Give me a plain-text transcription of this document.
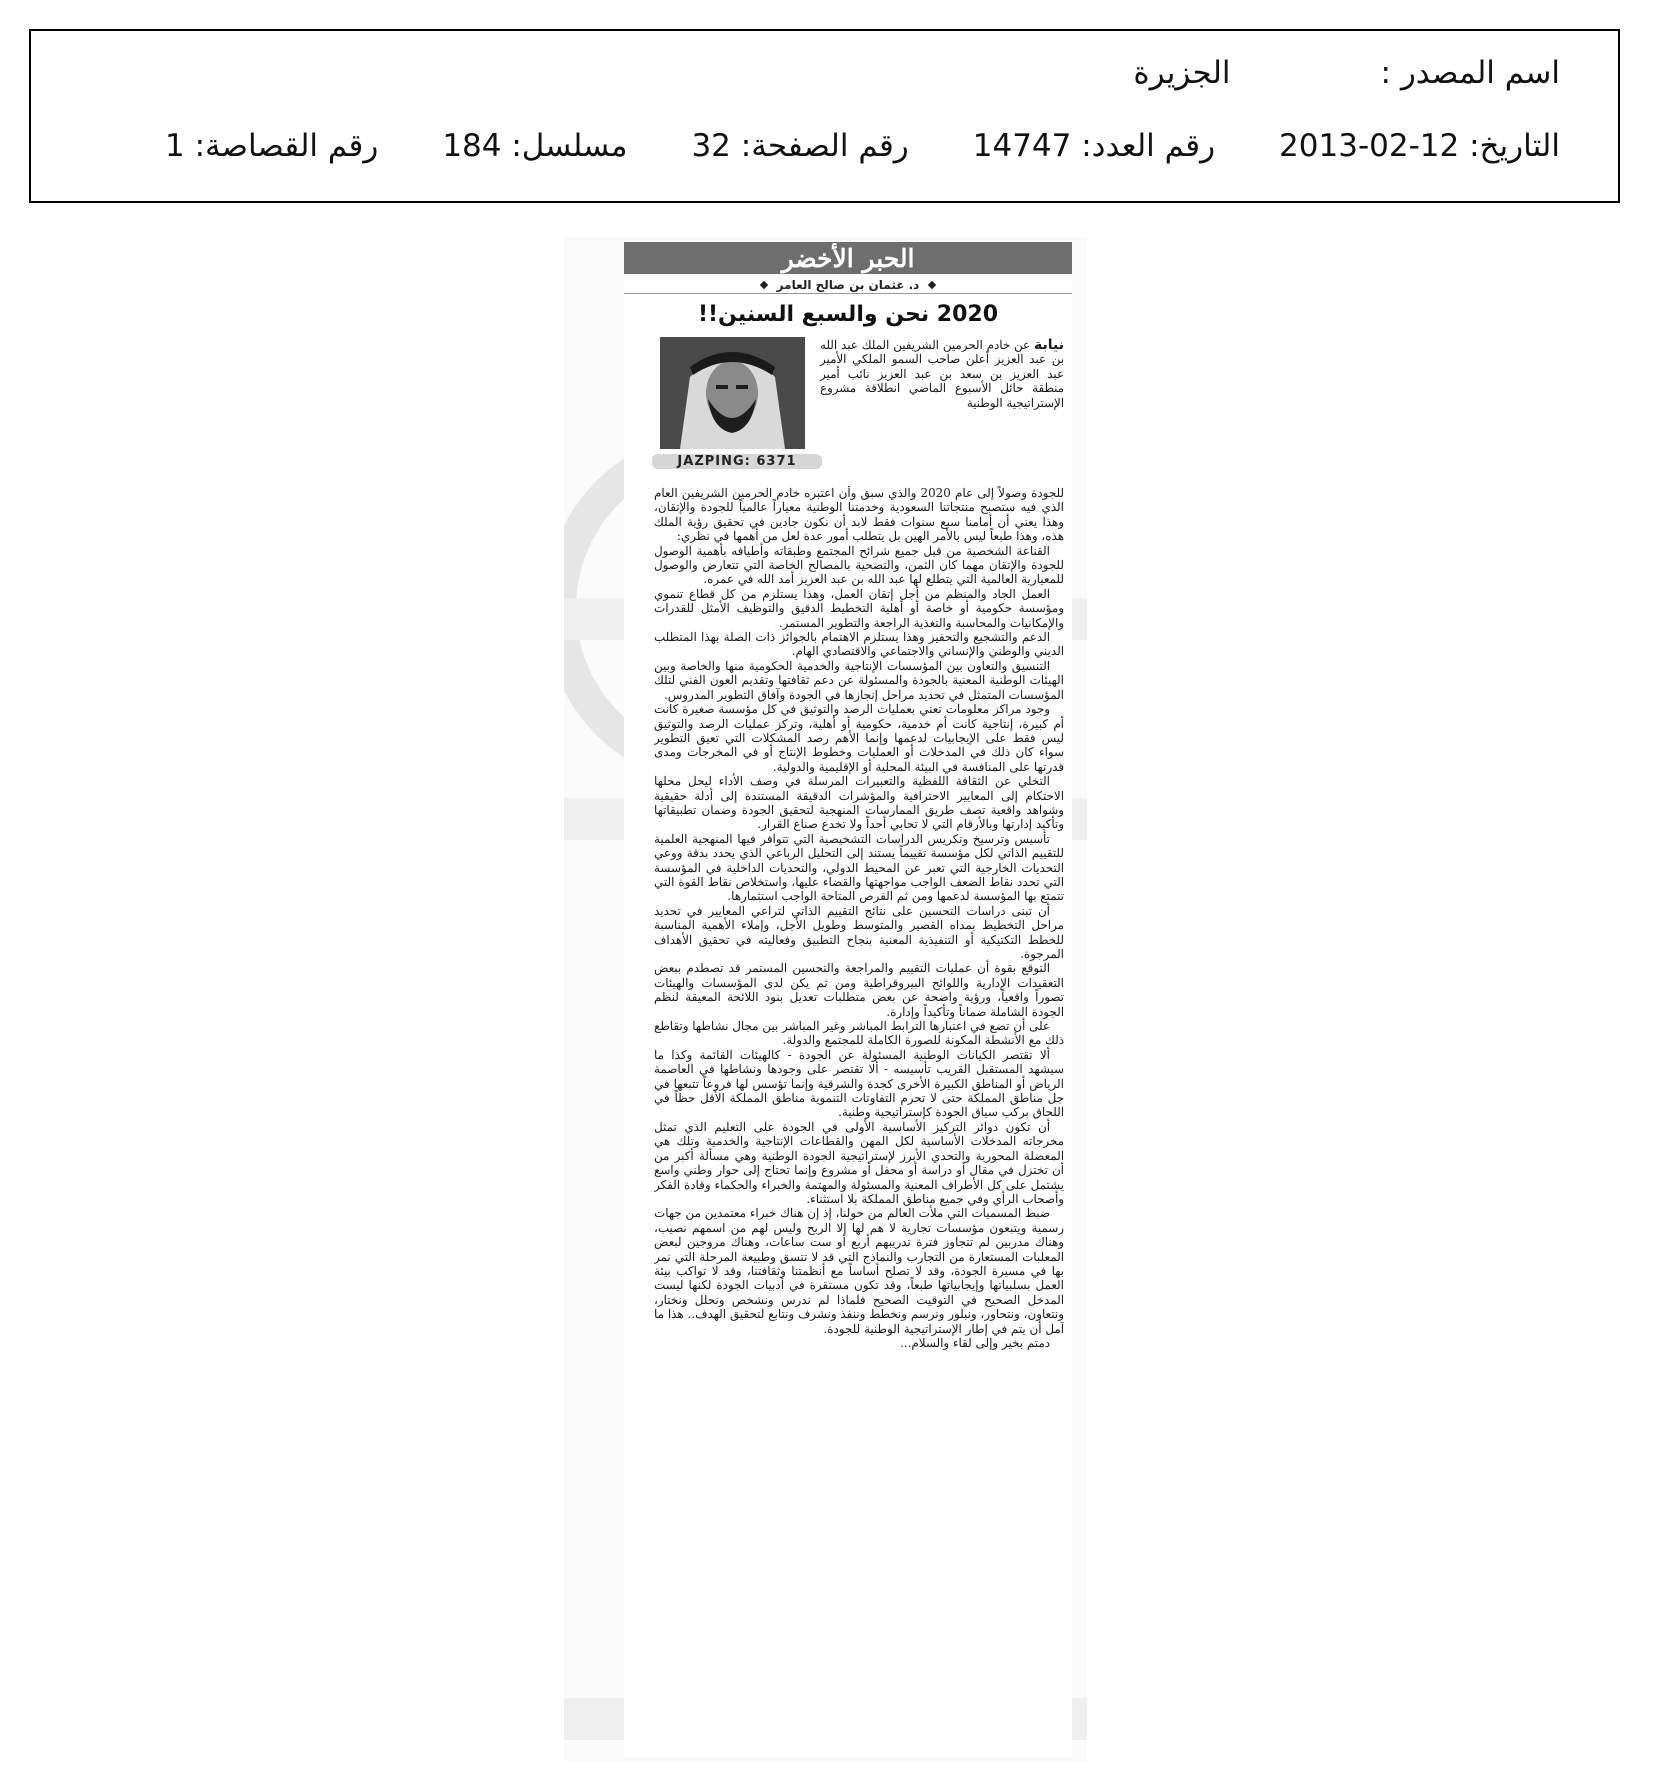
اسم المصدر :
الجزيرة
التاريخ: 2013-02-12
رقم العدد: 14747
رقم الصفحة: 32
مسلسل: 184
رقم القصاصة: 1
الحبر الأخضر
د. عثمان بن صالح العامر
2020 نحن والسبع السنين!!
JAZPING: 6371
نيابة عن خادم الحرمين الشريفين الملك عبد الله بن عبد العزيز أعلن صاحب السمو الملكي الأمير عبد العزيز بن سعد بن عبد العزيز نائب أمير منطقة حائل الأسبوع الماضي انطلاقة مشروع الإستراتيجية الوطنية

للجودة وصولاً إلى عام 2020 والذي سبق وأن اعتبره خادم الحرمين الشريفين العام الذي فيه ستصبح منتجاتنا السعودية وخدمتنا الوطنية معياراً عالمياً للجودة والإتقان، وهذا يعني أن أمامنا سبع سنوات فقط لابد أن نكون جادين في تحقيق رؤية الملك هذه، وهذا طبعاً ليس بالأمر الهين بل يتطلب أمور عدة لعل من أهمها في نظري:

القناعة الشخصية من قبل جميع شرائح المجتمع وطبقاته وأطيافه بأهمية الوصول للجودة والإتقان مهما كان الثمن، والتضحية بالمصالح الخاصة التي تتعارض والوصول للمعيارية العالمية التي يتطلع لها عبد الله بن عبد العزيز أمد الله في عمره.

العمل الجاد والمنظم من أجل إتقان العمل، وهذا يستلزم من كل قطاع تنموي ومؤسسة حكومية أو خاصة أو أهلية التخطيط الدقيق والتوظيف الأمثل للقدرات والإمكانيات والمحاسبة والتغذية الراجعة والتطوير المستمر.

الدعم والتشجيع والتحفيز وهذا يستلزم الاهتمام بالجوائز ذات الصلة بهذا المتطلب الديني والوطني والإنساني والاجتماعي والاقتصادي الهام.

التنسيق والتعاون بين المؤسسات الإنتاجية والخدمية الحكومية منها والخاصة وبين الهيئات الوطنية المعنية بالجودة والمسئولة عن دعم ثقافتها وتقديم العون الفني لتلك المؤسسات المتمثل في تحديد مراحل إنجازها في الجودة وآفاق التطوير المدروس.

وجود مراكز معلومات تعني بعمليات الرصد والتوثيق في كل مؤسسة صغيرة كانت أم كبيرة، إنتاجية كانت أم خدمية، حكومية أو أهلية، وتركز عمليات الرصد والتوثيق ليس فقط على الإيجابيات لدعمها وإنما الأهم رصد المشكلات التي تعيق التطوير سواء كان ذلك في المدخلات أو العمليات وخطوط الإنتاج أو في المخرجات ومدى قدرتها على المنافسة في البيئة المحلية أو الإقليمية والدولية.

التخلي عن الثقافة اللفظية والتعبيرات المرسلة في وصف الأداء ليحل محلها الاحتكام إلى المعايير الاحترافية والمؤشرات الدقيقة المستندة إلى أدلة حقيقية وشواهد واقعية تصف طريق الممارسات المنهجية لتحقيق الجودة وضمان تطبيقاتها وتأكيد إدارتها وبالأرقام التي لا تحابي أحداً ولا تخدع صناع القرار.

تأسيس وترسيخ وتكريس الدراسات التشخيصية التي تتوافر فيها المنهجية العلمية للتقييم الذاتي لكل مؤسسة تقييماً يستند إلى التحليل الرباعي الذي يحدد بدقة ووعي التحديات الخارجية التي تعبر عن المحيط الدولي، والتحديات الداخلية في المؤسسة التي تحدد نقاط الضعف الواجب مواجهتها والقضاء عليها، واستخلاص نقاط القوة التي تتمتع بها المؤسسة لدعمها ومن ثم الفرص المتاحة الواجب استثمارها.

أن تبنى دراسات التحسين على نتائج التقييم الذاتي لتراعي المعايير في تحديد مراحل التخطيط بمداه القصير والمتوسط وطويل الأجل، وإملاء الأهمية المناسبة للخطط التكتيكية أو التنفيذية المعنية بنجاح التطبيق وفعاليته في تحقيق الأهداف المرجوة.

التوقع بقوة أن عمليات التقييم والمراجعة والتحسين المستمر قد تصطدم ببعض التعقيدات الإدارية واللوائح البيروقراطية ومن ثم يكن لدى المؤسسات والهيئات تصوراً واقعياً، ورؤية واضحة عن بعض متطلبات تعديل بنود اللائحة المعيقة لنظم الجودة الشاملة ضماناً وتأكيداً وإدارة.

على أن تضع في اعتبارها الترابط المباشر وغير المباشر بين مجال نشاطها وتقاطع ذلك مع الأنشطة المكونة للصورة الكاملة للمجتمع والدولة.

ألا تقتصر الكيانات الوطنية المسئولة عن الجودة - كالهيئات القائمة وكذا ما سيشهد المستقبل القريب تأسيسه - ألا تقتصر على وجودها ونشاطها في العاصمة الرياض أو المناطق الكبيرة الأخرى كجدة والشرقية وإنما تؤسس لها فروعاً تتبعها في جل مناطق المملكة حتى لا تحرم التفاوتات التنموية مناطق المملكة الأقل حظاً في اللحاق بركب سياق الجودة كإستراتيجية وطنية.

أن تكون دوائر التركيز الأساسية الأولى في الجودة على التعليم الذي تمثل مخرجاته المدخلات الأساسية لكل المهن والقطاعات الإنتاجية والخدمية وتلك هي المعضلة المحورية والتحدي الأبرز لإستراتيجية الجودة الوطنية وهي مسألة أكبر من أن تختزل في مقال أو دراسة أو محفل أو مشروع وإنما تحتاج إلى حوار وطني واسع يشتمل على كل الأطراف المعنية والمسئولة والمهتمة والخبراء والحكماء وقادة الفكر وأصحاب الرأي وفي جميع مناطق المملكة بلا استثناء.

ضبط المسميات التي ملأت العالم من حولنا، إذ إن هناك خبراء معتمدين من جهات رسمية ويتبعون مؤسسات تجارية لا هم لها إلا الربح وليس لهم من اسمهم نصيب، وهناك مدربين لم تتجاوز فترة تدريبهم أربع أو ست ساعات، وهناك مروجين لبعض المعلبات المستعارة من التجارب والنماذج التي قد لا تتسق وطبيعة المرحلة التي نمر بها في مسيرة الجودة، وقد لا تصلح أساساً مع أنظمتنا وثقافتنا، وقد لا تواكب بيئة العمل بسلبياتها وإيجابياتها طبعاً، وقد تكون مستقرة في أدبيات الجودة لكنها ليست المدخل الصحيح في التوقيت الصحيح فلماذا لم ندرس ونشخص ونحلل ونختار، ونتعاون، ونتحاور، ونبلور ونرسم ونخطط وننفذ ونشرف ونتابع لتحقيق الهدف.. هذا ما آمل أن يتم في إطار الإستراتيجية الوطنية للجودة.

دمتم بخير وإلى لقاء والسلام...
